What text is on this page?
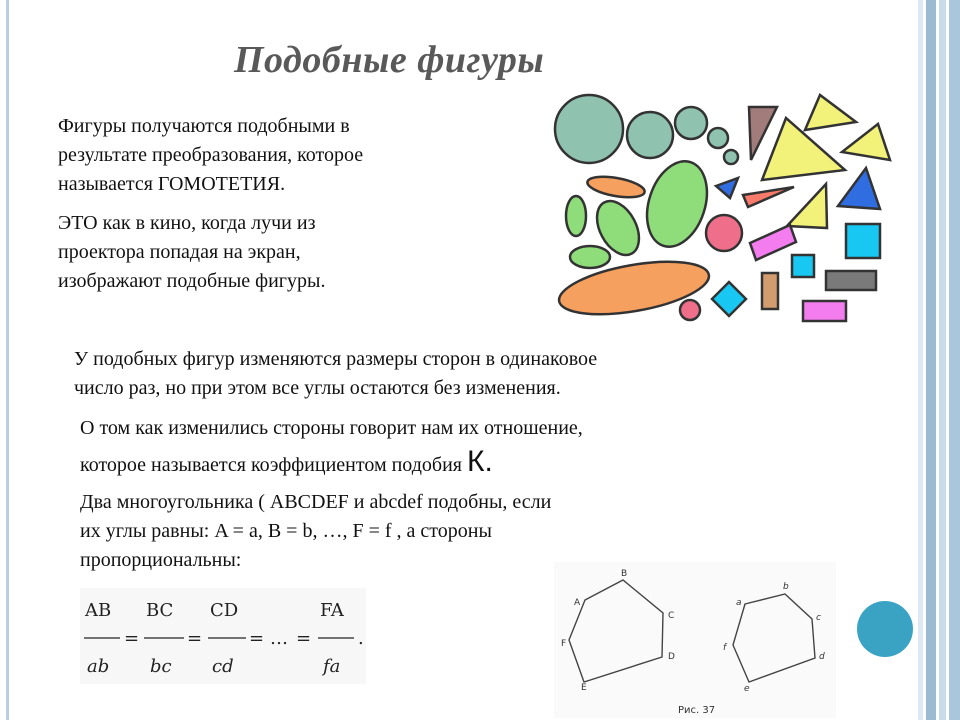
Подобные фигуры

Фигуры получаются подобными в
результате преобразования, которое
называется ГОМОТЕТИЯ.

ЭТО как в кино, когда лучи из
проектора попадая на экран,
изображают подобные фигуры.

У подобных фигур изменяются размеры сторон в одинаковое
число раз, но при этом все углы остаются без изменения.

О том как изменились стороны говорит нам их отношение,
которое называется коэффициентом подобия К.

Два многоугольника ( ABCDEF и abcdef подобны, если
их углы равны: A = a, B = b, …, F = f , а стороны
пропорциональны:

AB BC CD	FA
=	=	= … =	.
ab bc cd	fa
A
B
C
D
E
F
a
b
c
d
e
f
Рис. 37
